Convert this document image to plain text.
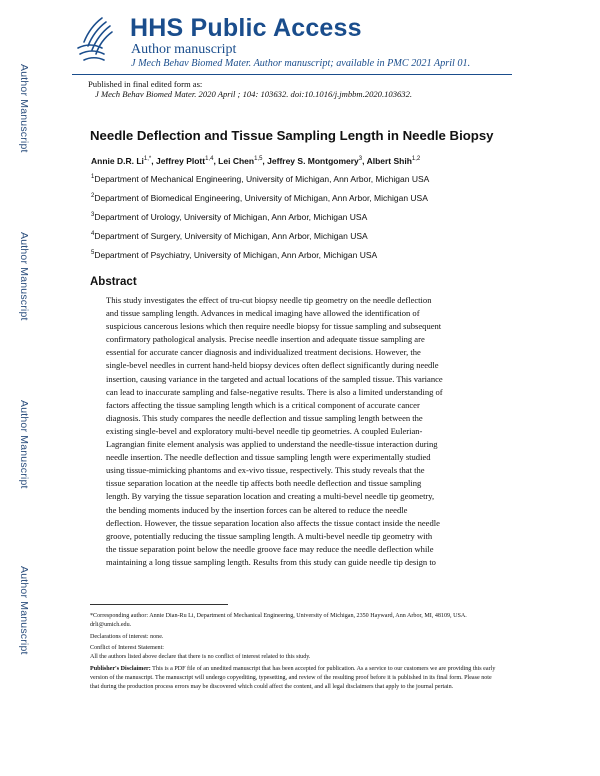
Author Manuscript
Author Manuscript
Author Manuscript
Author Manuscript
HHS Public Access
Author manuscript
J Mech Behav Biomed Mater. Author manuscript; available in PMC 2021 April 01.
Published in final edited form as:
J Mech Behav Biomed Mater. 2020 April ; 104: 103632. doi:10.1016/j.jmbbm.2020.103632.
Needle Deflection and Tissue Sampling Length in Needle Biopsy
Annie D.R. $Li^{1,*}$, Jeffrey Plott$^{1,4}$, Lei Chen$^{1,5}$, Jeffrey S. Montgomery$^3$, Albert Shih$^{1,2}$
$^1$Department of Mechanical Engineering, University of Michigan, Ann Arbor, Michigan USA
$^2$Department of Biomedical Engineering, University of Michigan, Ann Arbor, Michigan USA
$^3$Department of Urology, University of Michigan, Ann Arbor, Michigan USA
$^4$Department of Surgery, University of Michigan, Ann Arbor, Michigan USA
$^5$Department of Psychiatry, University of Michigan, Ann Arbor, Michigan USA
Abstract
This study investigates the effect of tru-cut biopsy needle tip geometry on the needle deflection
and tissue sampling length. Advances in medical imaging have allowed the identification of
suspicious cancerous lesions which then require needle biopsy for tissue sampling and subsequent
confirmatory pathological analysis. Precise needle insertion and adequate tissue sampling are
essential for accurate cancer diagnosis and individualized treatment decisions. However, the
single-bevel needles in current hand-held biopsy devices often deflect significantly during needle
insertion, causing variance in the targeted and actual locations of the sampled tissue. This variance
can lead to inaccurate sampling and false-negative results. There is also a limited understanding of
factors affecting the tissue sampling length which is a critical component of accurate cancer
diagnosis. This study compares the needle deflection and tissue sampling length between the
existing single-bevel and exploratory multi-bevel needle tip geometries. A coupled Eulerian-
Lagrangian finite element analysis was applied to understand the needle-tissue interaction during
needle insertion. The needle deflection and tissue sampling length were experimentally studied
using tissue-mimicking phantoms and ex-vivo tissue, respectively. This study reveals that the
tissue separation location at the needle tip affects both needle deflection and tissue sampling
length. By varying the tissue separation location and creating a multi-bevel needle tip geometry,
the bending moments induced by the insertion forces can be altered to reduce the needle
deflection. However, the tissue separation location also affects the tissue contact inside the needle
groove, potentially reducing the tissue sampling length. A multi-bevel needle tip geometry with
the tissue separation point below the needle groove face may reduce the needle deflection while
maintaining a long tissue sampling length. Results from this study can guide needle tip design to

*Corresponding author: Annie Dian-Ru Li, Department of Mechanical Engineering, University of Michigan, 2350 Hayward, Ann Arbor, MI, 48109, USA. drli@umich.edu.

Declarations of interest: none.

Conflict of Interest Statement:
All the authors listed above declare that there is no conflict of interest related to this study.

Publisher's Disclaimer: This is a PDF file of an unedited manuscript that has been accepted for publication. As a service to our customers we are providing this early version of the manuscript. The manuscript will undergo copyediting, typesetting, and review of the resulting proof before it is published in its final form. Please note that during the production process errors may be discovered which could affect the content, and all legal disclaimers that apply to the journal pertain.
